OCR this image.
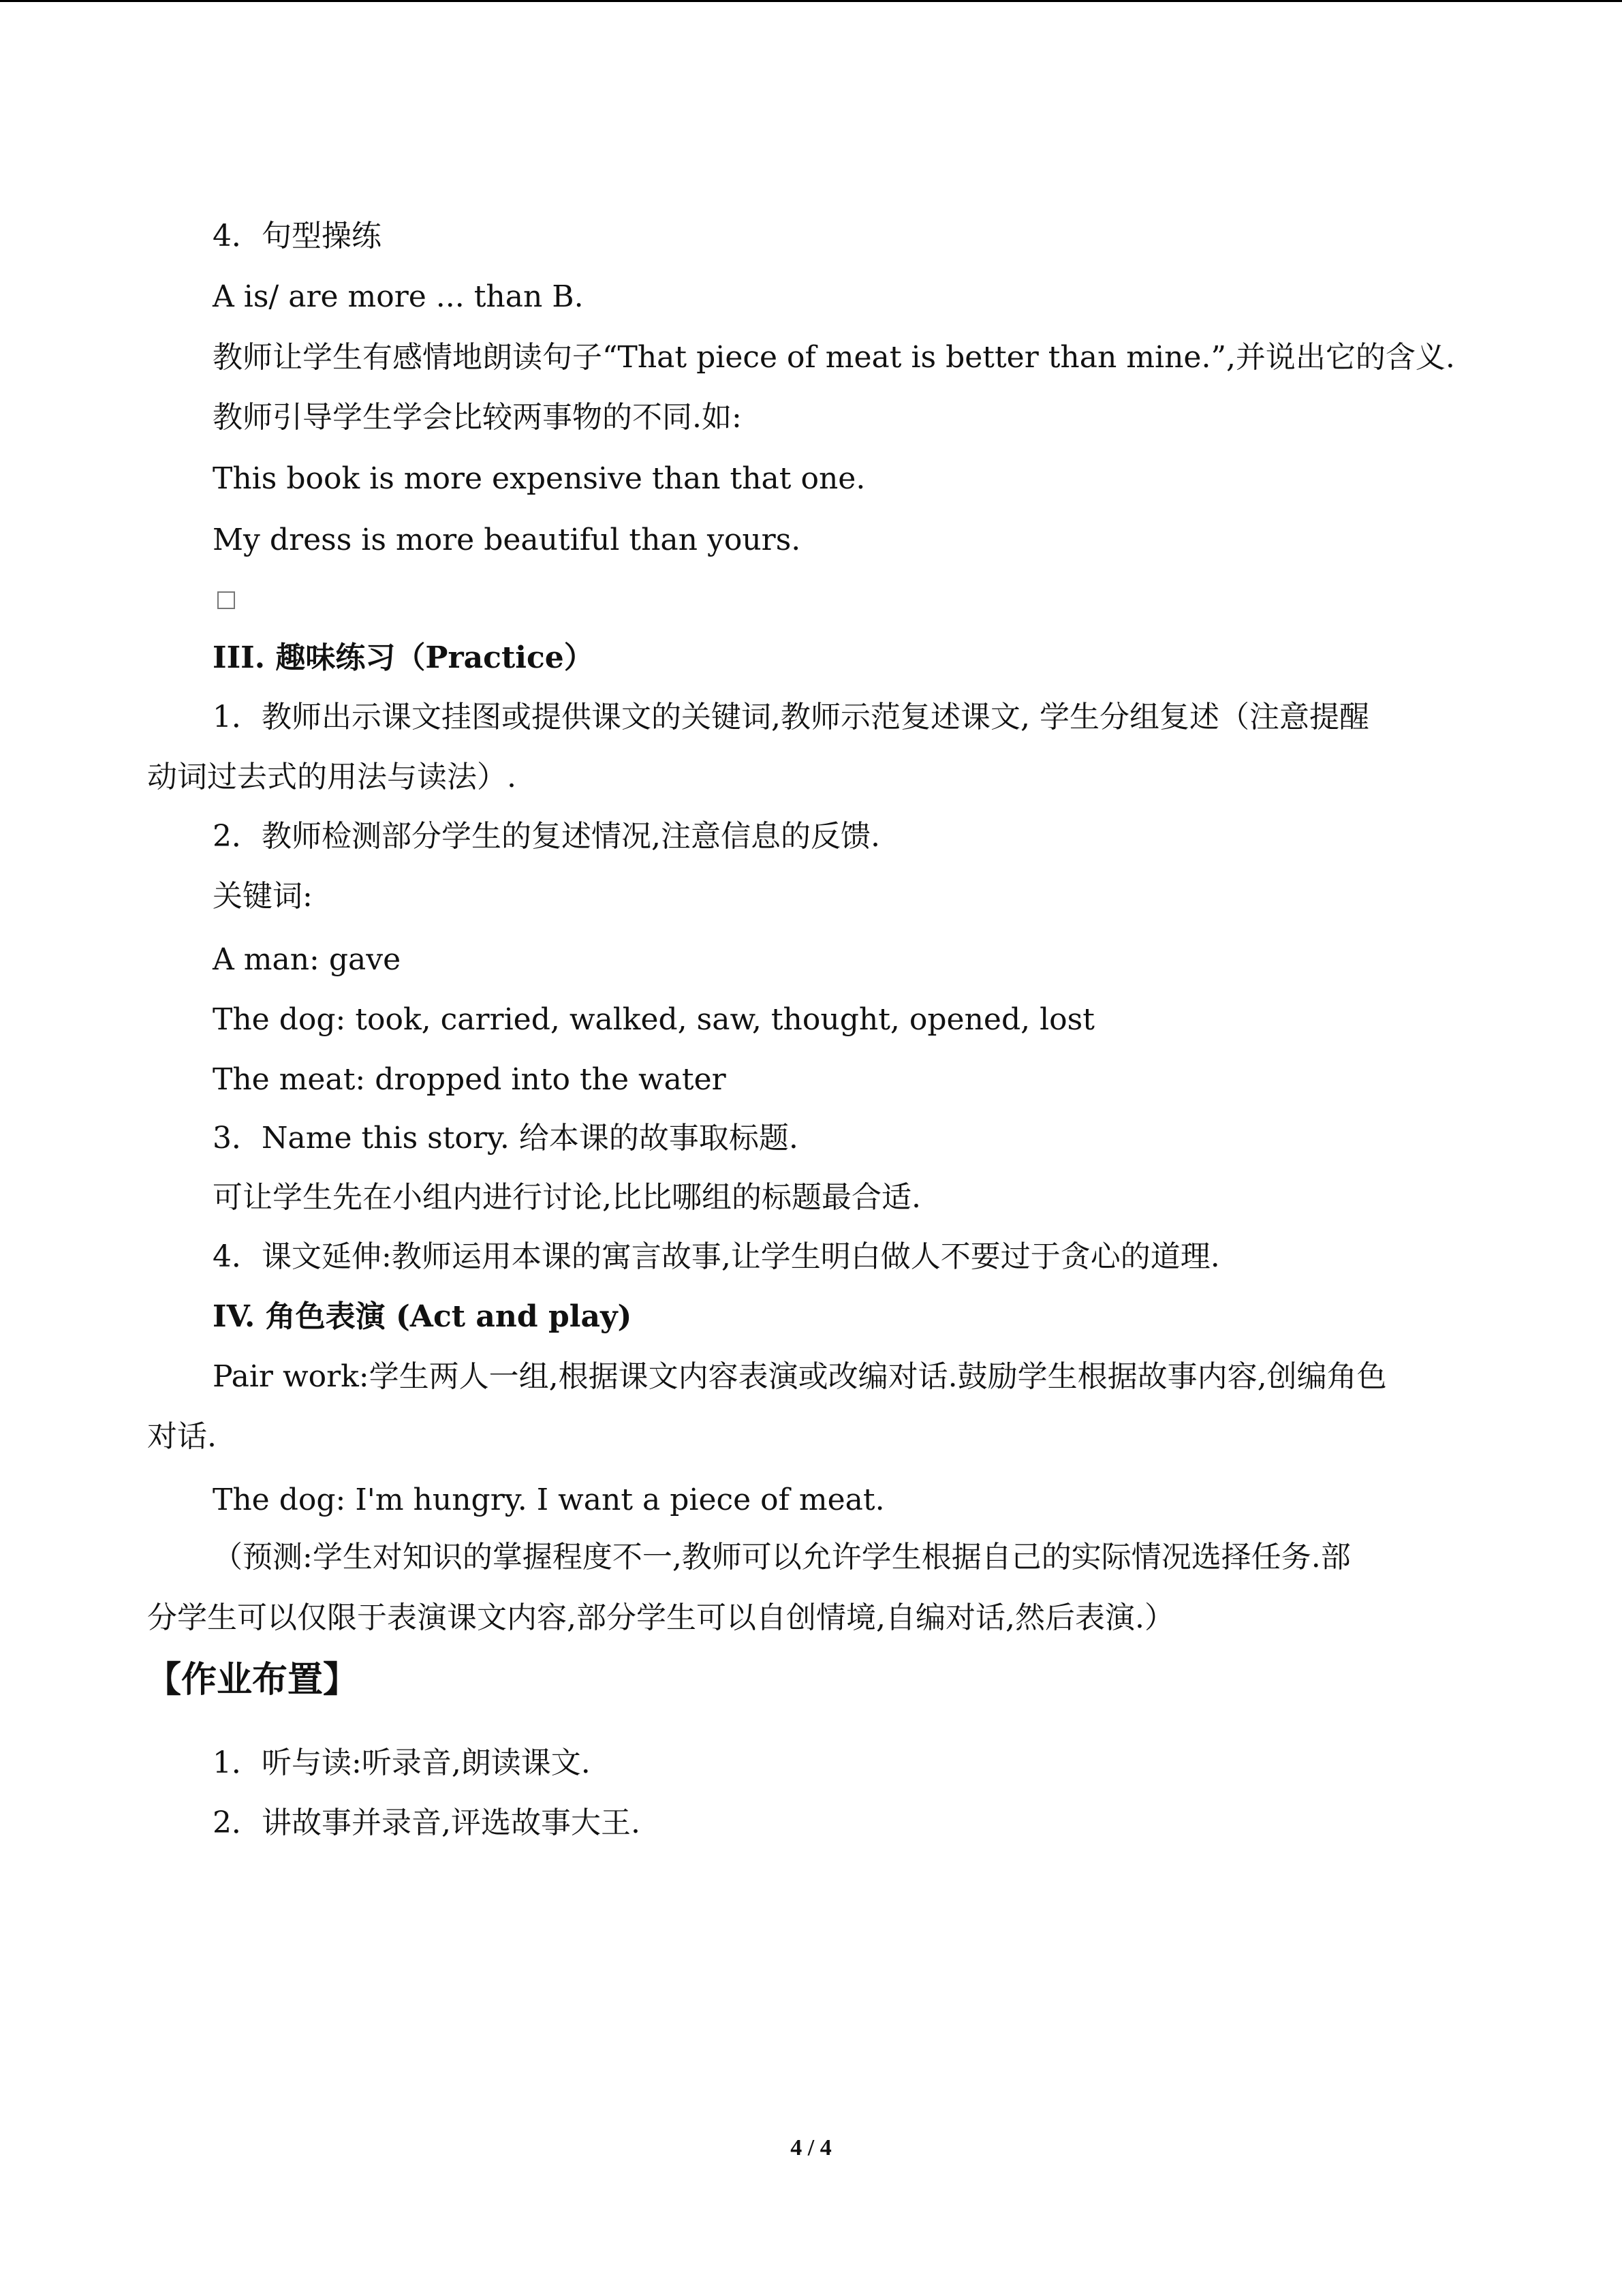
4．句型操练
A is/ are more ... than B.
教师让学生有感情地朗读句子“That piece of meat is better than mine.”,并说出它的含义.
教师引导学生学会比较两事物的不同.如:
This book is more expensive than that one.
My dress is more beautiful than yours.
III. 趣味练习（Practice）
1．教师出示课文挂图或提供课文的关键词,教师示范复述课文, 学生分组复述（注意提醒
动词过去式的用法与读法）.
2．教师检测部分学生的复述情况,注意信息的反馈.
关键词:
A man: gave
The dog: took, carried, walked, saw, thought, opened, lost
The meat: dropped into the water
3．Name this story. 给本课的故事取标题.
可让学生先在小组内进行讨论,比比哪组的标题最合适.
4．课文延伸:教师运用本课的寓言故事,让学生明白做人不要过于贪心的道理.
IV. 角色表演 (Act and play)
Pair work:学生两人一组,根据课文内容表演或改编对话.鼓励学生根据故事内容,创编角色
对话.
The dog: I'm hungry. I want a piece of meat.
（预测:学生对知识的掌握程度不一,教师可以允许学生根据自己的实际情况选择任务.部
分学生可以仅限于表演课文内容,部分学生可以自创情境,自编对话,然后表演.）
【作业布置】
1．听与读:听录音,朗读课文.
2．讲故事并录音,评选故事大王.
4 / 4
